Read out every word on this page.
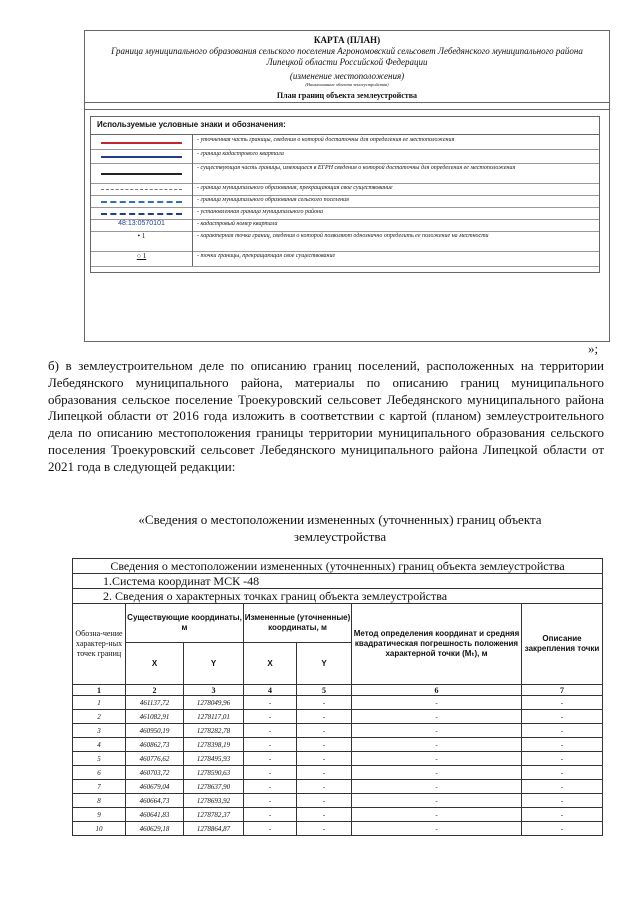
КАРТА (ПЛАН)
Граница муниципального образования сельского поселения Агрономовский сельсовет Лебедянского муниципального района Липецкой области Российской Федерации
(изменение местоположения)
(Наименование объекта землеустройства)
План границ объекта землеустройства
Используемые условные знаки и обозначения:
- уточненная часть границы, сведения о которой достаточны для определения ее местоположения
- граница кадастрового квартала
- существующая часть границы, имеющиеся в ЕГРН сведения о которой достаточны для определения ее местоположения
- граница муниципального образования, прекращающая свое существование
- граница муниципального образования сельского поселения
- установленная граница муниципального района
48:13:0570101	- кадастровый номер квартала
• 1	- характерная точка границ, сведения о которой позволяют однозначно определить ее положение на местности
○ 1	- точки границы, прекращающая свое существование
»;
б) в землеустроительном деле по описанию границ поселений, расположенных на территории Лебедянского муниципального района, материалы по описанию границ муниципального образования сельское поселение Троекуровский сельсовет Лебедянского муниципального района Липецкой области от 2016 года изложить в соответствии с картой (планом) землеустроительного дела по описанию местоположения границы территории муниципального образования сельского поселения Троекуровский сельсовет Лебедянского муниципального района Липецкой области от 2021 года в следующей редакции:
«Сведения о местоположении измененных (уточненных) границ объекта землеустройства
Сведения о местоположении измененных (уточненных) границ объекта землеустройства						
1.Система координат МСК -48						
2. Сведения о характерных точках границ объекта землеустройства						
Обозна-чение характер-ных точек границ	Существующие координаты, м		Измененные (уточненные) координаты, м		Метод определения координат и средняя квадратическая погрешность положения характерной точки (Mₜ), м	Описание закрепления точки
	X	Y	X	Y		
1	2	3	4	5	6	7
1	461137,72	1278049,96	-	-	-	-
2	461082,91	1278117,01	-	-	-	-
3	460950,19	1278282,78	-	-	-	-
4	460862,73	1278398,19	-	-	-	-
5	460776,62	1278495,93	-	-	-	-
6	460703,72	1278590,63	-	-	-	-
7	460679,04	1278637,90	-	-	-	-
8	460664,73	1278693,92	-	-	-	-
9	460641,83	1278782,37	-	-	-	-
10	460629,18	1278864,87	-	-	-	-
